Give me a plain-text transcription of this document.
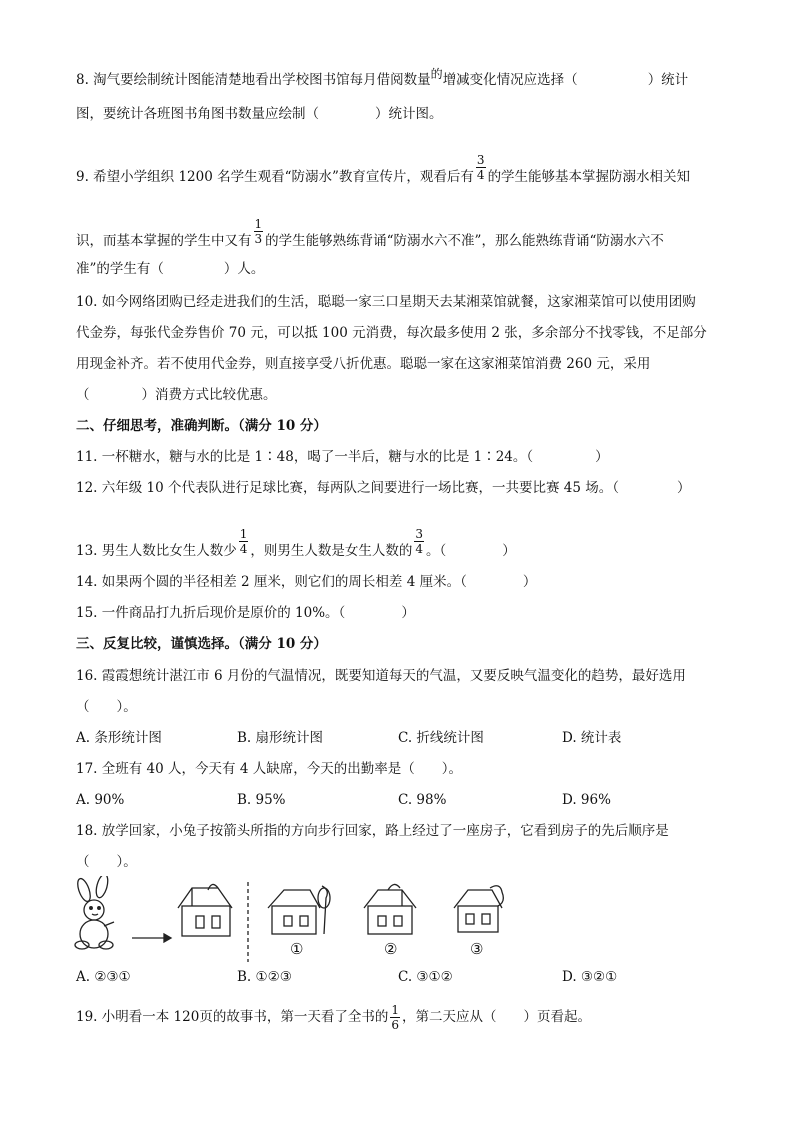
8. 淘气要绘制统计图能清楚地看出学校图书馆每月借阅数量的增减变化情况应选择（	）统计
图，要统计各班图书角图书数量应绘制（	）统计图。
9. 希望小学组织 1200 名学生观看“防溺水”教育宣传片，观看后有 $\frac{3}{4}$ 的学生能够基本掌握防溺水相关知
识，而基本掌握的学生中又有 $\frac{1}{3}$ 的学生能够熟练背诵“防溺水六不准”，那么能熟练背诵“防溺水六不
准”的学生有（	）人。
10. 如今网络团购已经走进我们的生活，聪聪一家三口星期天去某湘菜馆就餐，这家湘菜馆可以使用团购
代金券，每张代金券售价 70 元，可以抵 100 元消费，每次最多使用 2 张，多余部分不找零钱，不足部分
用现金补齐。若不使用代金券，则直接享受八折优惠。聪聪一家在这家湘菜馆消费 260 元，采用
（	）消费方式比较优惠。
二、仔细思考，准确判断。（满分 10 分）
11. 一杯糖水，糖与水的比是 1∶48，喝了一半后，糖与水的比是 1∶24。（	）
12. 六年级 10 个代表队进行足球比赛，每两队之间要进行一场比赛，一共要比赛 45 场。（	）
13. 男生人数比女生人数少 $\frac{1}{4}$ ，则男生人数是女生人数的 $\frac{3}{4}$ 。（	）
14. 如果两个圆的半径相差 2 厘米，则它们的周长相差 4 厘米。（	）
15. 一件商品打九折后现价是原价的 10%。（	）
三、反复比较，谨慎选择。（满分 10 分）
16. 霞霞想统计湛江市 6 月份的气温情况，既要知道每天的气温，又要反映气温变化的趋势，最好选用
（　　）。
A. 条形统计图	B. 扇形统计图	C. 折线统计图	D. 统计表
17. 全班有 40 人，今天有 4 人缺席，今天的出勤率是（　　）。
A. 90%	B. 95%	C. 98%	D. 96%
18. 放学回家，小兔子按箭头所指的方向步行回家，路上经过了一座房子，它看到房子的先后顺序是
（　　）。
①	②	③
A. ②③①	B. ①②③	C. ③①②	D. ③②①
19. 小明看一本 120页的故事书，第一天看了全书的 $\frac{1}{6}$ ，第二天应从（　　）页看起。
